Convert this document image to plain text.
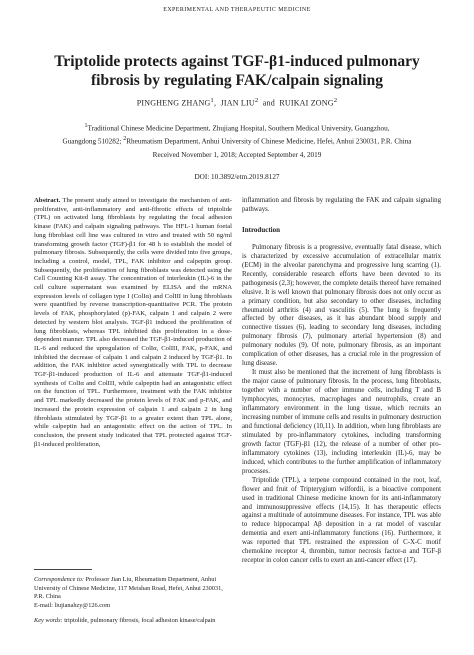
EXPERIMENTAL AND THERAPEUTIC MEDICINE
Triptolide protects against TGF-β1-induced pulmonary
fibrosis by regulating FAK/calpain signaling
PINGHENG ZHANG$^1$,  JIAN LIU$^2$  and  RUIKAI ZONG$^2$
$^1$Traditional Chinese Medicine Department, Zhujiang Hospital, Southern Medical University, Guangzhou,
Guangdong 510282; $^2$Rheumatism Department, Anhui University of Chinese Medicine, Hefei, Anhui 230031, P.R. China
Received November 1, 2018; Accepted September 4, 2019
DOI: 10.3892/etm.2019.8127
Abstract. The present study aimed to investigate the mechanism of anti-proliferative, anti-inflammatory and anti-fibrotic effects of triptolide (TPL) on activated lung fibroblasts by regulating the focal adhesion kinase (FAK) and calpain signaling pathways. The HFL-1 human foetal lung fibroblast cell line was cultured in vitro and treated with 50 ng/ml transforming growth factor (TGF)-β1 for 48 h to establish the model of pulmonary fibrosis. Subsequently, the cells were divided into five groups, including a control, model, TPL, FAK inhibitor and calpeptin group. Subsequently, the proliferation of lung fibroblasts was detected using the Cell Counting Kit-8 assay. The concentration of interleukin (IL)-6 in the cell culture supernatant was examined by ELISA and the mRNA expression levels of collagen type I (ColIα) and ColIII in lung fibroblasts were quantified by reverse transcription-quantitative PCR. The protein levels of FAK, phosphorylated (p)-FAK, calpain 1 and calpain 2 were detected by western blot analysis. TGF-β1 induced the proliferation of lung fibroblasts, whereas TPL inhibited this proliferation in a dose-dependent manner. TPL also decreased the TGF-β1-induced production of IL-6 and reduced the upregulation of ColIα, ColIII, FAK, p-FAK, and inhibited the decrease of calpain 1 and calpain 2 induced by TGF-β1. In addition, the FAK inhibitor acted synergistically with TPL to decrease TGF-β1-induced production of IL-6 and attenuate TGF-β1-induced synthesis of ColIα and ColIII, while calpeptin had an antagonistic effect on the function of TPL. Furthermore, treatment with the FAK inhibitor and TPL markedly decreased the protein levels of FAK and p-FAK, and increased the protein expression of calpain 1 and calpain 2 in lung fibroblasts stimulated by TGF-β1 to a greater extent than TPL alone, while calpeptin had an antagonistic effect on the action of TPL. In conclusion, the present study indicated that TPL protected against TGF-β1-induced proliferation,
Correspondence to: Professor Jian Liu, Rheumatism Department, Anhui University of Chinese Medicine, 117 Meishan Road, Hefei, Anhui 230031, P.R. China
E-mail: liujianahzy@126.com
Key words: triptolide, pulmonary fibrosis, focal adhesion kinase/calpain

inflammation and fibrosis by regulating the FAK and calpain signaling pathways.

Introduction

Pulmonary fibrosis is a progressive, eventually fatal disease, which is characterized by excessive accumulation of extracellular matrix (ECM) in the alveolar parenchyma and progressive lung scarring (1). Recently, considerable research efforts have been devoted to its pathogenesis (2,3); however, the complete details thereof have remained elusive. It is well known that pulmonary fibrosis does not only occur as a primary condition, but also secondary to other diseases, including rheumatoid arthritis (4) and vasculitis (5). The lung is frequently affected by other diseases, as it has abundant blood supply and connective tissues (6), leading to secondary lung diseases, including pulmonary fibrosis (7), pulmonary arterial hypertension (8) and pulmonary nodules (9). Of note, pulmonary fibrosis, as an important complication of other diseases, has a crucial role in the progression of lung disease.

It must also be mentioned that the increment of lung fibroblasts is the major cause of pulmonary fibrosis. In the process, lung fibroblasts, together with a number of other immune cells, including T and B lymphocytes, monocytes, macrophages and neutrophils, create an inflammatory environment in the lung tissue, which recruits an increasing number of immune cells and results in pulmonary destruction and functional deficiency (10,11). In addition, when lung fibroblasts are stimulated by pro-inflammatory cytokines, including transforming growth factor (TGF)-β1 (12), the release of a number of other pro-inflammatory cytokines (13), including interleukin (IL)-6, may be induced, which contributes to the further amplification of inflammatory processes.

Triptolide (TPL), a terpene compound contained in the root, leaf, flower and fruit of Tripterygium wilfordii, is a bioactive component used in traditional Chinese medicine known for its anti-inflammatory and immunosuppressive effects (14,15). It has therapeutic effects against a multitude of autoimmune diseases. For instance, TPL was able to reduce hippocampal Aβ deposition in a rat model of vascular dementia and exert anti-inflammatory functions (16). Furthermore, it was reported that TPL restrained the expression of C-X-C motif chemokine receptor 4, thrombin, tumor necrosis factor-α and TGF-β receptor in colon cancer cells to exert an anti-cancer effect (17).
